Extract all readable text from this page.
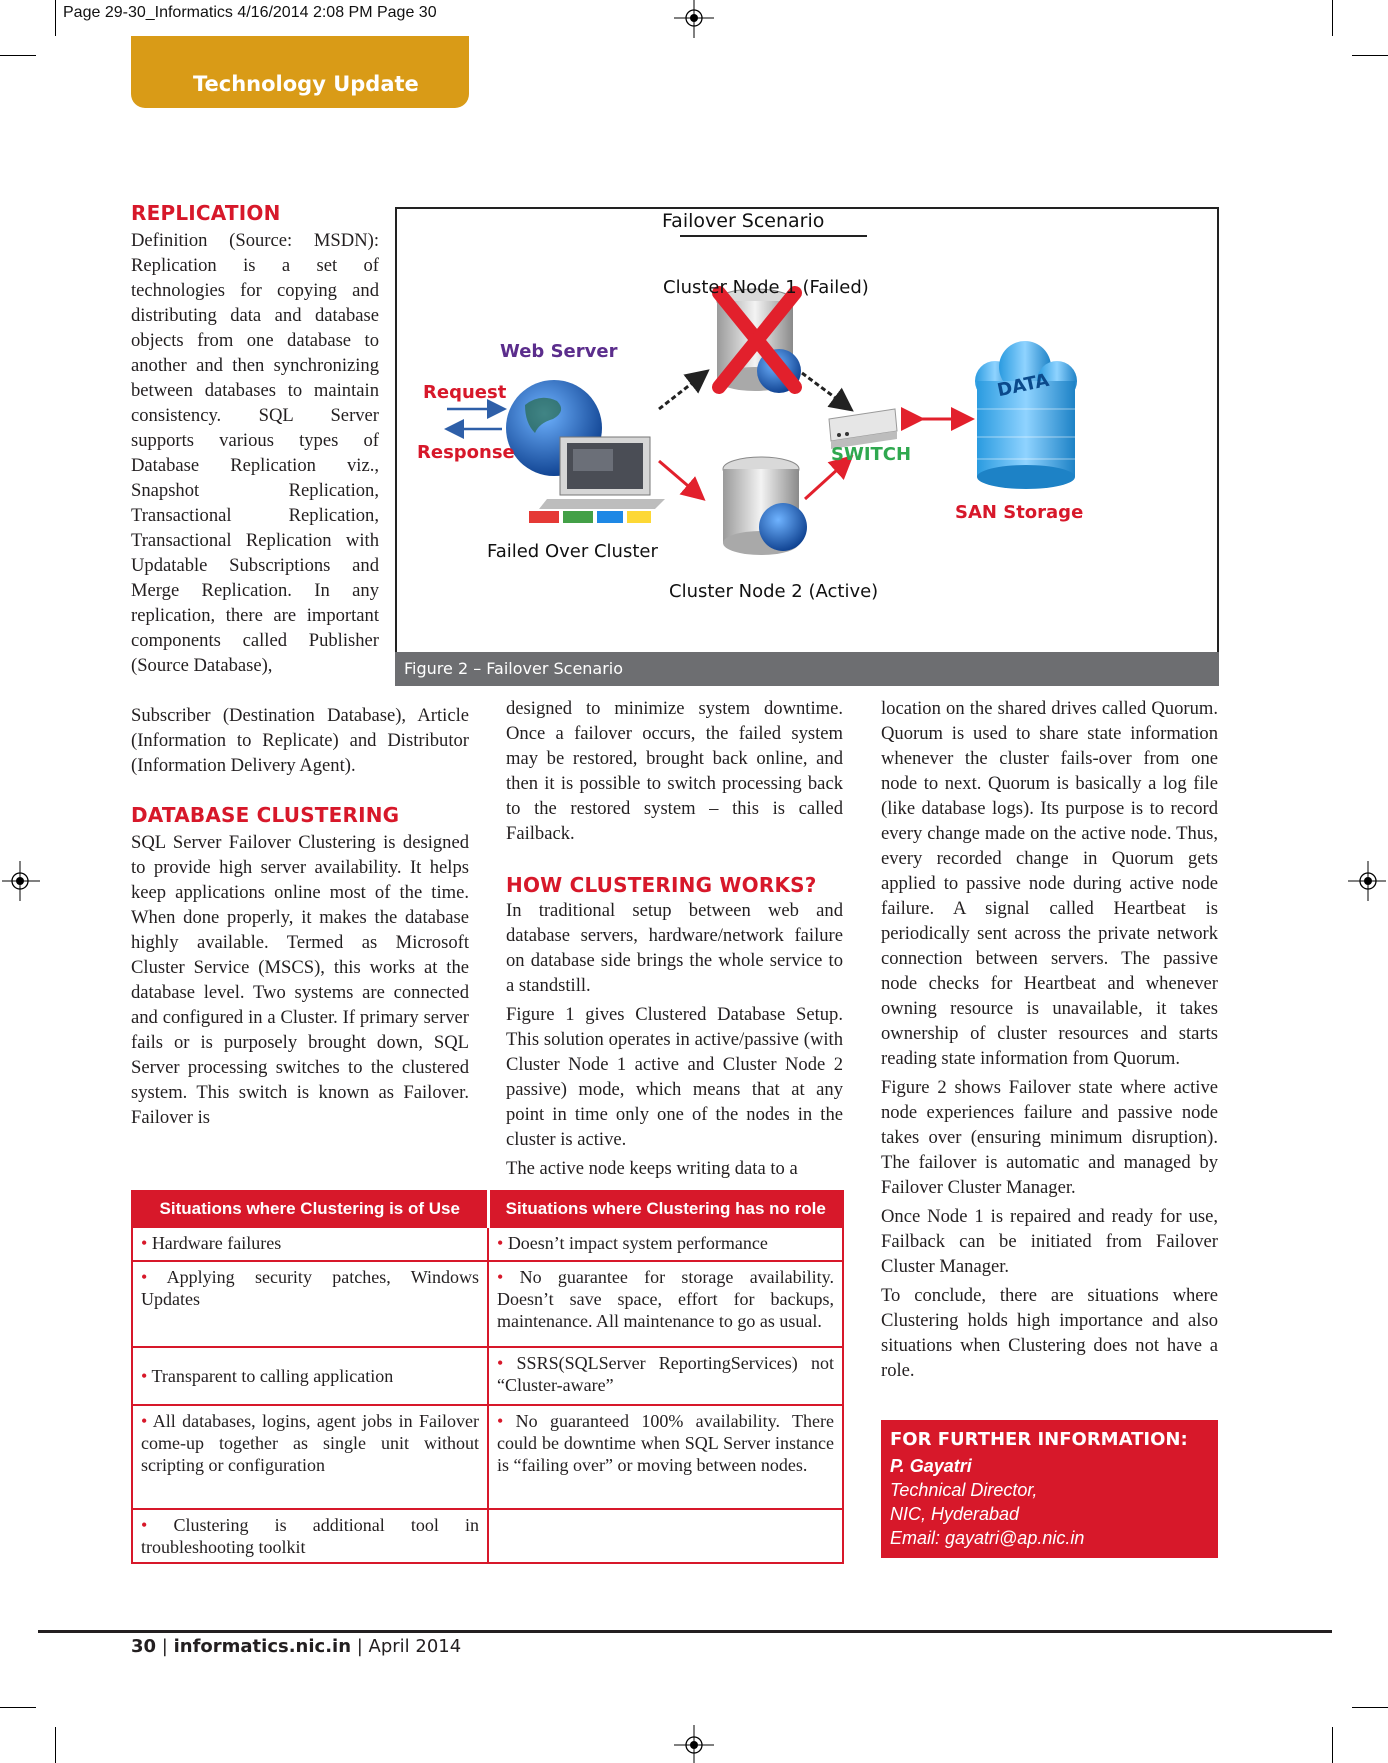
Page 29-30_Informatics 4/16/2014 2:08 PM Page 30
Technology Update
REPLICATION
Definition (Source: MSDN): Replication is a set of technologies for copying and distributing data and database objects from one database to another and then synchronizing between databases to maintain consistency. SQL Server supports various types of Database Replication viz., Snapshot Replication, Transactional Replication, Transactional Replication with Updatable Subscriptions and Merge Replication. In any replication, there are important components called Publisher (Source Database),
Subscriber (Destination Database), Article (Information to Replicate) and Distributor (Information Delivery Agent).
DATABASE CLUSTERING
SQL Server Failover Clustering is designed to provide high server availability. It helps keep applications online most of the time. When done properly, it makes the database highly available. Termed as Microsoft Cluster Service (MSCS), this works at the database level. Two systems are connected and configured in a Cluster. If primary server fails or is purposely brought down, SQL Server processing switches to the clustered system. This switch is known as Failover. Failover is
Failover Scenario
Cluster Node 1 (Failed)
Web Server
Request
Response	SWITCH
DATA
SAN Storage
Failed Over Cluster
Cluster Node 2 (Active)
Figure 2 – Failover Scenario
designed to minimize system downtime. Once a failover occurs, the failed system may be restored, brought back online, and then it is possible to switch processing back to the restored system – this is called Failback.
HOW CLUSTERING WORKS?

In traditional setup between web and database servers, hardware/network failure on database side brings the whole service to a standstill.

Figure 1 gives Clustered Database Setup. This solution operates in active/passive (with Cluster Node 1 active and Cluster Node 2 passive) mode, which means that at any point in time only one of the nodes in the cluster is active.

The active node keeps writing data to a

location on the shared drives called Quorum. Quorum is used to share state information whenever the cluster fails-over from one node to next. Quorum is basically a log file (like database logs). Its purpose is to record every change made on the active node. Thus, every recorded change in Quorum gets applied to passive node during active node failure. A signal called Heartbeat is periodically sent across the private network connection between servers. The passive node checks for Heartbeat and whenever owning resource is unavailable, it takes ownership of cluster resources and starts reading state information from Quorum.

Figure 2 shows Failover state where active node experiences failure and passive node takes over (ensuring minimum disruption). The failover is automatic and managed by Failover Cluster Manager.

Once Node 1 is repaired and ready for use, Failback can be initiated from Failover Cluster Manager.

To conclude, there are situations where Clustering holds high importance and also situations when Clustering does not have a role.

Situations where Clustering is of Use	Situations where Clustering has no role
• Hardware failures	• Doesn’t impact system performance
• Applying security patches, Windows Updates	• No guarantee for storage availability. Doesn’t save space, effort for backups, maintenance. All maintenance to go as usual.
• Transparent to calling application	• SSRS(SQLServer ReportingServices) not “Cluster-aware”
• All databases, logins, agent jobs in Failover come-up together as single unit without scripting or configuration	• No guaranteed 100% availability. There could be downtime when SQL Server instance is “failing over” or moving between nodes.
• Clustering is additional tool in troubleshooting toolkit	
FOR FURTHER INFORMATION:
P. Gayatri
Technical Director,
NIC, Hyderabad
Email: gayatri@ap.nic.in
30 | informatics.nic.in | April 2014
